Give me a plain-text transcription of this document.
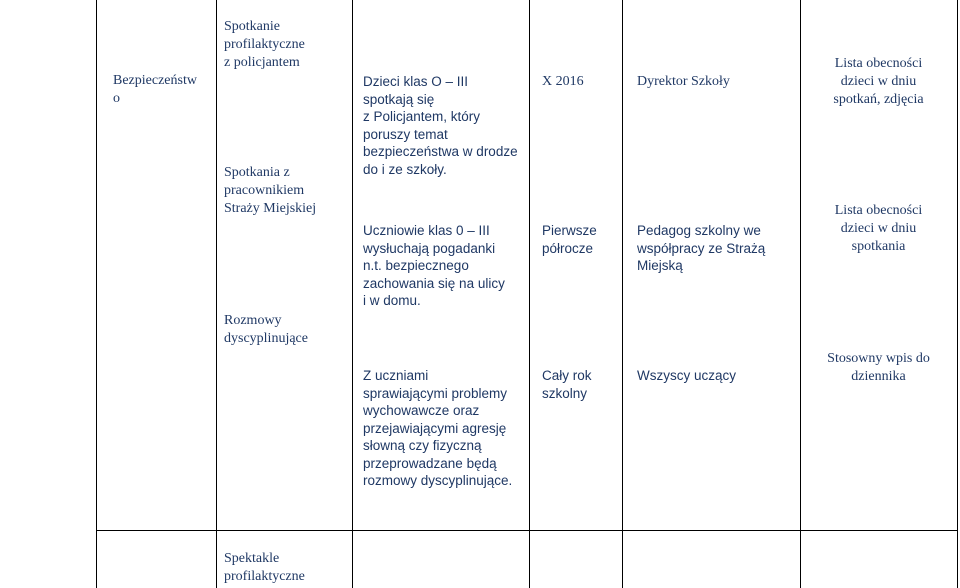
Bezpieczeństw
o
Spotkanie
profilaktyczne
z policjantem
Spotkania z
pracownikiem
Straży Miejskiej
Rozmowy
dyscyplinujące
Spektakle
profilaktyczne
Dzieci klas O – III
spotkają się
z Policjantem, który
poruszy temat
bezpieczeństwa w drodze
do i ze szkoły.
Uczniowie klas 0 – III
wysłuchają pogadanki
n.t. bezpiecznego
zachowania się na ulicy
i w domu.
Z uczniami
sprawiającymi problemy
wychowawcze oraz
przejawiającymi agresję
słowną czy fizyczną
przeprowadzane będą
rozmowy dyscyplinujące.
X 2016
Pierwsze
półrocze
Cały rok
szkolny
Dyrektor Szkoły
Pedagog szkolny we
współpracy ze Strażą
Miejską
Wszyscy uczący
Lista obecności
dzieci w dniu
spotkań, zdjęcia
Lista obecności
dzieci w dniu
spotkania
Stosowny wpis do
dziennika
